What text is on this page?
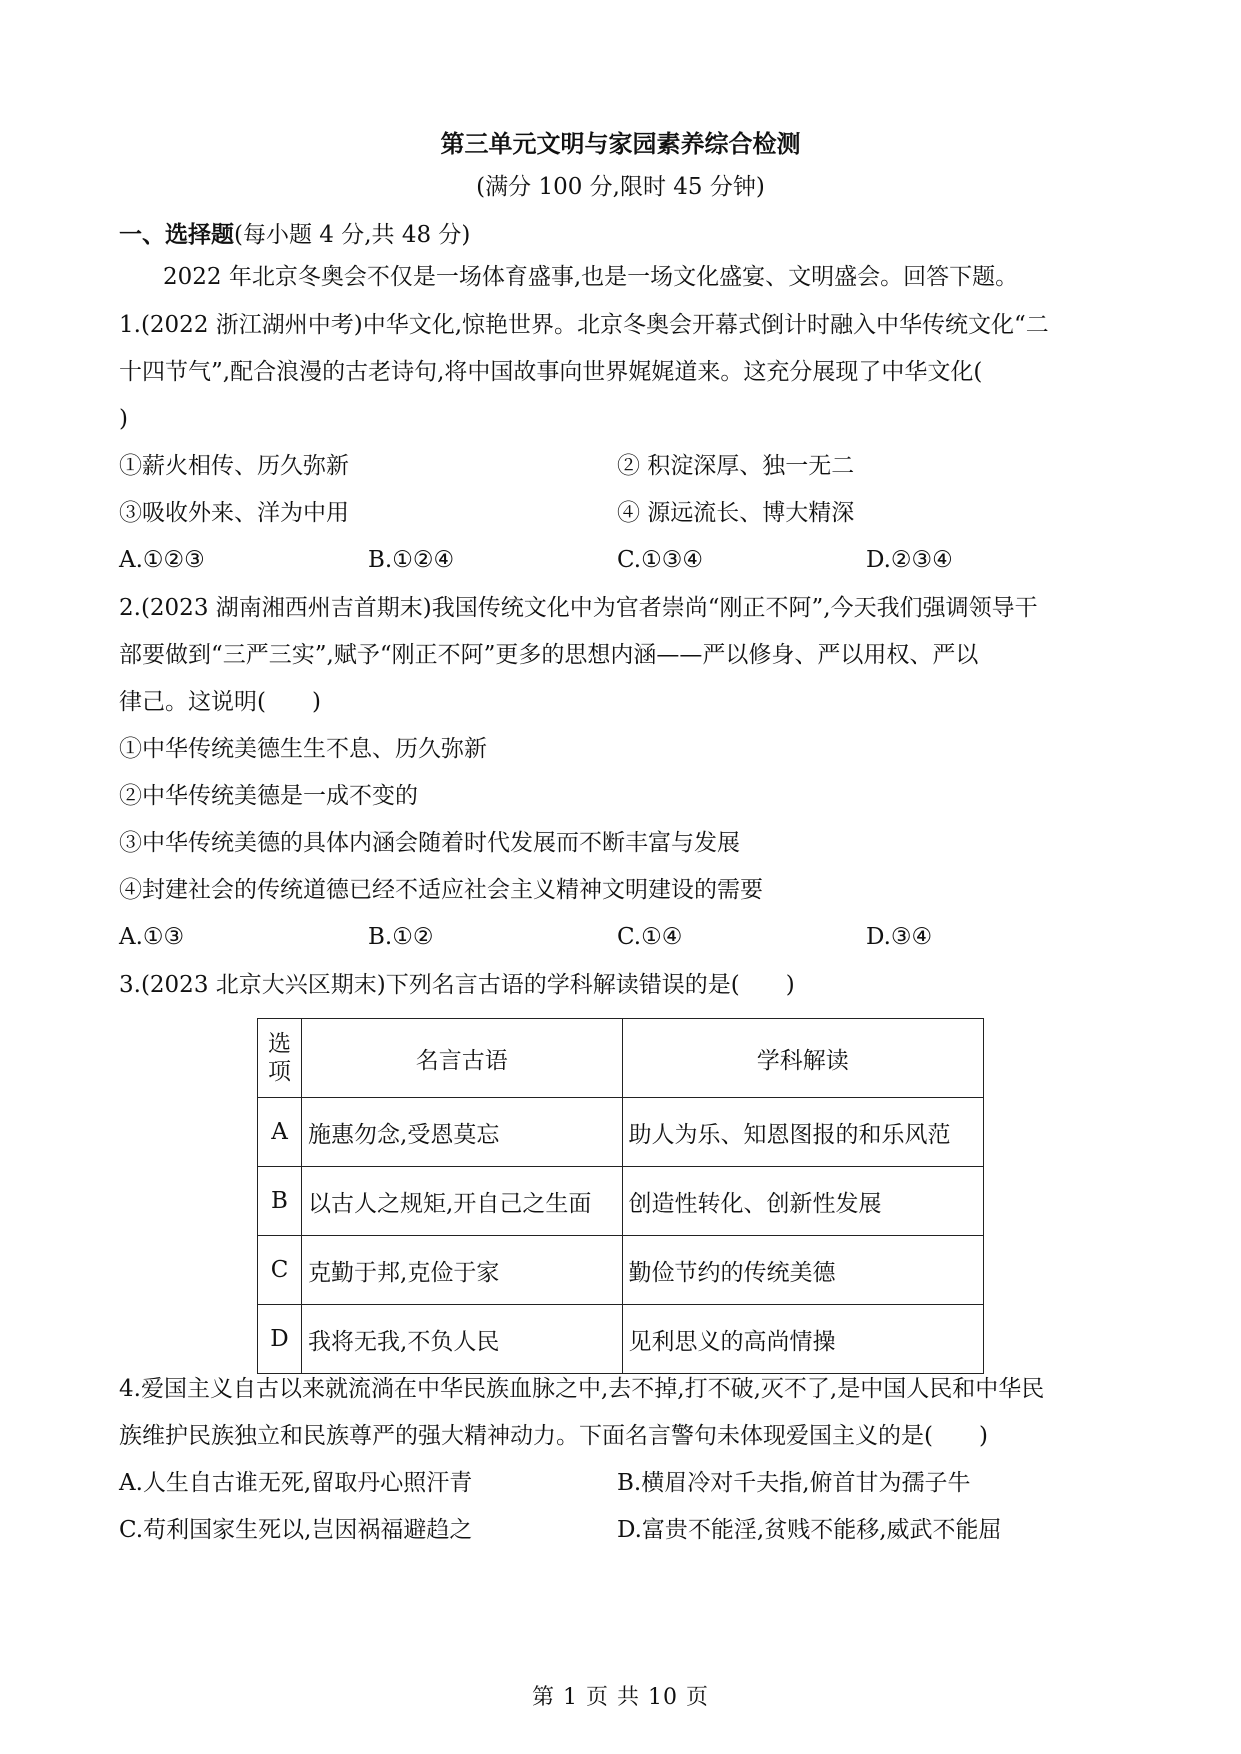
第三单元文明与家园素养综合检测
(满分 100 分,限时 45 分钟)
一、选择题(每小题 4 分,共 48 分)
2022 年北京冬奥会不仅是一场体育盛事,也是一场文化盛宴、文明盛会。回答下题。
1.(2022 浙江湖州中考)中华文化,惊艳世界。北京冬奥会开幕式倒计时融入中华传统文化“二
十四节气”,配合浪漫的古老诗句,将中国故事向世界娓娓道来。这充分展现了中华文化(
)
①薪火相传、历久弥新	② 积淀深厚、独一无二
③吸收外来、洋为中用	④ 源远流长、博大精深
A.①②③	B.①②④	C.①③④	D.②③④
2.(2023 湖南湘西州吉首期末)我国传统文化中为官者崇尚“刚正不阿”,今天我们强调领导干
部要做到“三严三实”,赋予“刚正不阿”更多的思想内涵——严以修身、严以用权、严以
律己。这说明(　　)
①中华传统美德生生不息、历久弥新
②中华传统美德是一成不变的
③中华传统美德的具体内涵会随着时代发展而不断丰富与发展
④封建社会的传统道德已经不适应社会主义精神文明建设的需要
A.①③	B.①②	C.①④	D.③④
3.(2023 北京大兴区期末)下列名言古语的学科解读错误的是(　　)
选
项	名言古语	学科解读
A	施惠勿念,受恩莫忘	助人为乐、知恩图报的和乐风范
B	以古人之规矩,开自己之生面	创造性转化、创新性发展
C	克勤于邦,克俭于家	勤俭节约的传统美德
D	我将无我,不负人民	见利思义的高尚情操
4.爱国主义自古以来就流淌在中华民族血脉之中,去不掉,打不破,灭不了,是中国人民和中华民
族维护民族独立和民族尊严的强大精神动力。下面名言警句未体现爱国主义的是(　　)
A.人生自古谁无死,留取丹心照汗青	B.横眉冷对千夫指,俯首甘为孺子牛
C.苟利国家生死以,岂因祸福避趋之	D.富贵不能淫,贫贱不能移,威武不能屈
第 1 页 共 10 页
